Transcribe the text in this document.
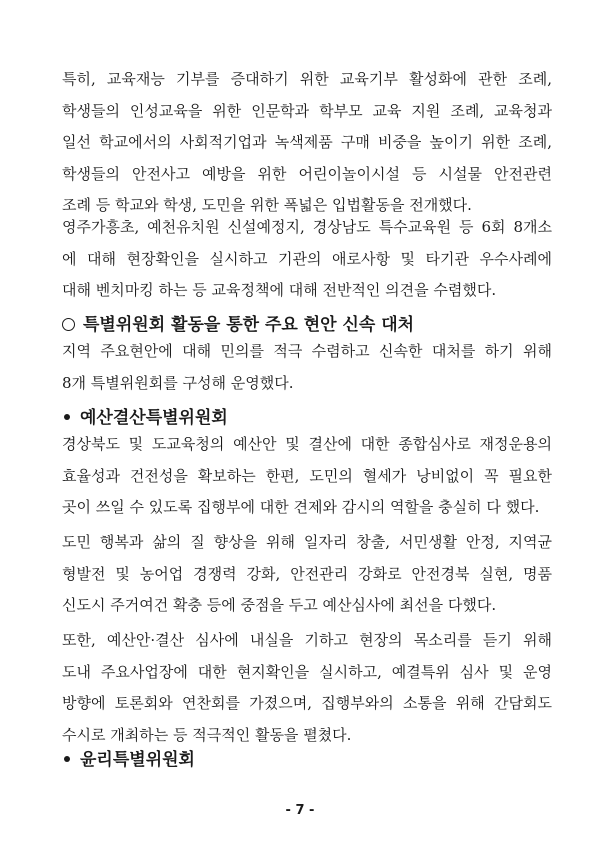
특히, 교육재능 기부를 증대하기 위한 교육기부 활성화에 관한 조례,
학생들의 인성교육을 위한 인문학과 학부모 교육 지원 조례, 교육청과
일선 학교에서의 사회적기업과 녹색제품 구매 비중을 높이기 위한 조례,
학생들의 안전사고 예방을 위한 어린이놀이시설 등 시설물 안전관련
조례 등 학교와 학생, 도민을 위한 폭넓은 입법활동을 전개했다.
영주가흥초, 예천유치원 신설예정지, 경상남도 특수교육원 등 6회 8개소
에 대해 현장확인을 실시하고 기관의 애로사항 및 타기관 우수사례에
대해 벤치마킹 하는 등 교육정책에 대해 전반적인 의견을 수렴했다.
특별위원회 활동을 통한 주요 현안 신속 대처
지역 주요현안에 대해 민의를 적극 수렴하고 신속한 대처를 하기 위해
8개 특별위원회를 구성해 운영했다.
예산결산특별위원회
경상북도 및 도교육청의 예산안 및 결산에 대한 종합심사로 재정운용의
효율성과 건전성을 확보하는 한편, 도민의 혈세가 낭비없이 꼭 필요한
곳이 쓰일 수 있도록 집행부에 대한 견제와 감시의 역할을 충실히 다 했다.
도민 행복과 삶의 질 향상을 위해 일자리 창출, 서민생활 안정, 지역균
형발전 및 농어업 경쟁력 강화, 안전관리 강화로 안전경북 실현, 명품
신도시 주거여건 확충 등에 중점을 두고 예산심사에 최선을 다했다.
또한, 예산안·결산 심사에 내실을 기하고 현장의 목소리를 듣기 위해
도내 주요사업장에 대한 현지확인을 실시하고, 예결특위 심사 및 운영
방향에 토론회와 연찬회를 가졌으며, 집행부와의 소통을 위해 간담회도
수시로 개최하는 등 적극적인 활동을 펼쳤다.
윤리특별위원회
- 7 -
